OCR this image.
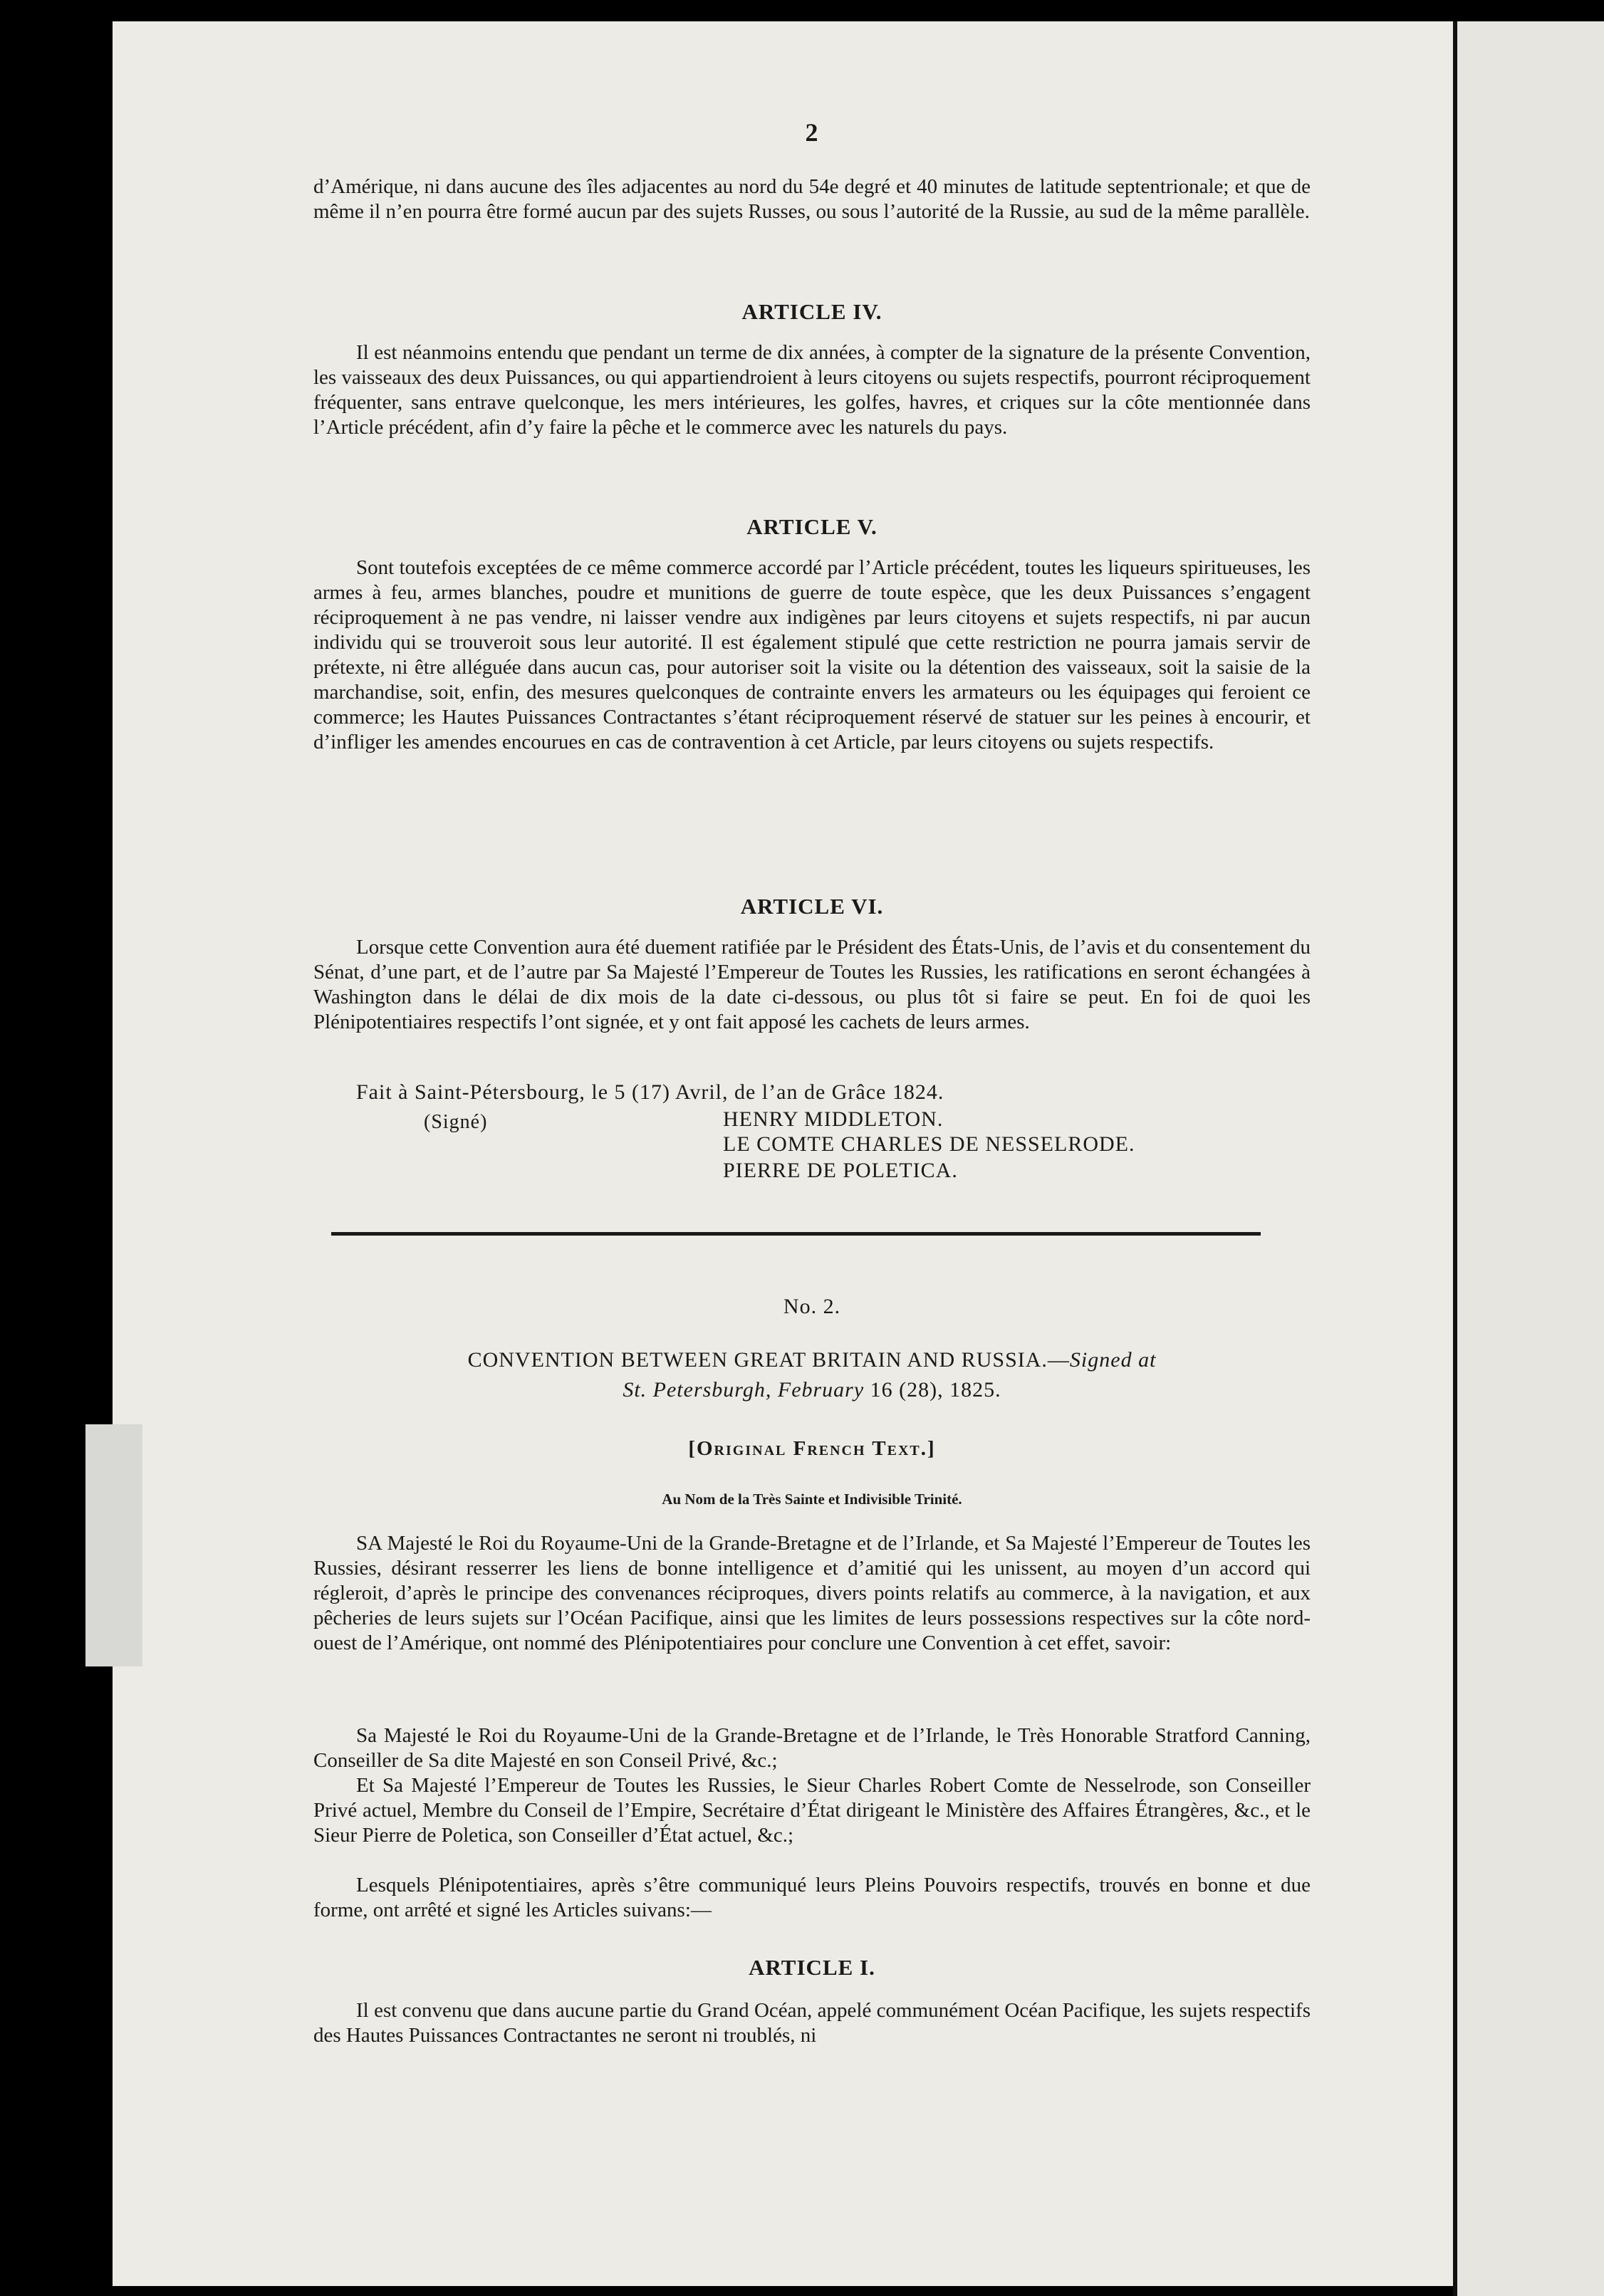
2

d’Amérique, ni dans aucune des îles adjacentes au nord du 54e degré et 40 minutes de latitude septentrionale; et que de même il n’en pourra être formé aucun par des sujets Russes, ou sous l’autorité de la Russie, au sud de la même parallèle.

ARTICLE IV.

Il est néanmoins entendu que pendant un terme de dix années, à compter de la signature de la présente Convention, les vaisseaux des deux Puissances, ou qui appartiendroient à leurs citoyens ou sujets respectifs, pourront réciproquement fréquenter, sans entrave quelconque, les mers intérieures, les golfes, havres, et criques sur la côte mentionnée dans l’Article précédent, afin d’y faire la pêche et le commerce avec les naturels du pays.

ARTICLE V.

Sont toutefois exceptées de ce même commerce accordé par l’Article précédent, toutes les liqueurs spiritueuses, les armes à feu, armes blanches, poudre et munitions de guerre de toute espèce, que les deux Puissances s’engagent réciproquement à ne pas vendre, ni laisser vendre aux indigènes par leurs citoyens et sujets respectifs, ni par aucun individu qui se trouveroit sous leur autorité. Il est également stipulé que cette restriction ne pourra jamais servir de prétexte, ni être alléguée dans aucun cas, pour autoriser soit la visite ou la détention des vaisseaux, soit la saisie de la marchandise, soit, enfin, des mesures quelconques de contrainte envers les armateurs ou les équipages qui feroient ce commerce; les Hautes Puissances Contractantes s’étant réciproquement réservé de statuer sur les peines à encourir, et d’infliger les amendes encourues en cas de contravention à cet Article, par leurs citoyens ou sujets respectifs.

ARTICLE VI.

Lorsque cette Convention aura été duement ratifiée par le Président des États-Unis, de l’avis et du consentement du Sénat, d’une part, et de l’autre par Sa Majesté l’Empereur de Toutes les Russies, les ratifications en seront échangées à Washington dans le délai de dix mois de la date ci-dessous, ou plus tôt si faire se peut. En foi de quoi les Plénipotentiaires respectifs l’ont signée, et y ont fait apposé les cachets de leurs armes.

Fait à Saint-Pétersbourg, le 5 (17) Avril, de l’an de Grâce 1824.
(Signé)	HENRY MIDDLETON.
LE COMTE CHARLES DE NESSELRODE.
PIERRE DE POLETICA.
No. 2.
CONVENTION BETWEEN GREAT BRITAIN AND RUSSIA.—Signed at
St. Petersburgh, February 16 (28), 1825.
[Original French Text.]
Au Nom de la Très Sainte et Indivisible Trinité.

SA Majesté le Roi du Royaume-Uni de la Grande-Bretagne et de l’Irlande, et Sa Majesté l’Empereur de Toutes les Russies, désirant resserrer les liens de bonne intelligence et d’amitié qui les unissent, au moyen d’un accord qui régleroit, d’après le principe des convenances réciproques, divers points relatifs au commerce, à la navigation, et aux pêcheries de leurs sujets sur l’Océan Pacifique, ainsi que les limites de leurs possessions respectives sur la côte nord-ouest de l’Amérique, ont nommé des Plénipotentiaires pour conclure une Convention à cet effet, savoir:

Sa Majesté le Roi du Royaume-Uni de la Grande-Bretagne et de l’Irlande, le Très Honorable Stratford Canning, Conseiller de Sa dite Majesté en son Conseil Privé, &c.;

Et Sa Majesté l’Empereur de Toutes les Russies, le Sieur Charles Robert Comte de Nesselrode, son Conseiller Privé actuel, Membre du Conseil de l’Empire, Secrétaire d’État dirigeant le Ministère des Affaires Étrangères, &c., et le Sieur Pierre de Poletica, son Conseiller d’État actuel, &c.;

Lesquels Plénipotentiaires, après s’être communiqué leurs Pleins Pouvoirs respectifs, trouvés en bonne et due forme, ont arrêté et signé les Articles suivans:—

ARTICLE I.

Il est convenu que dans aucune partie du Grand Océan, appelé communément Océan Pacifique, les sujets respectifs des Hautes Puissances Contractantes ne seront ni troublés, ni
